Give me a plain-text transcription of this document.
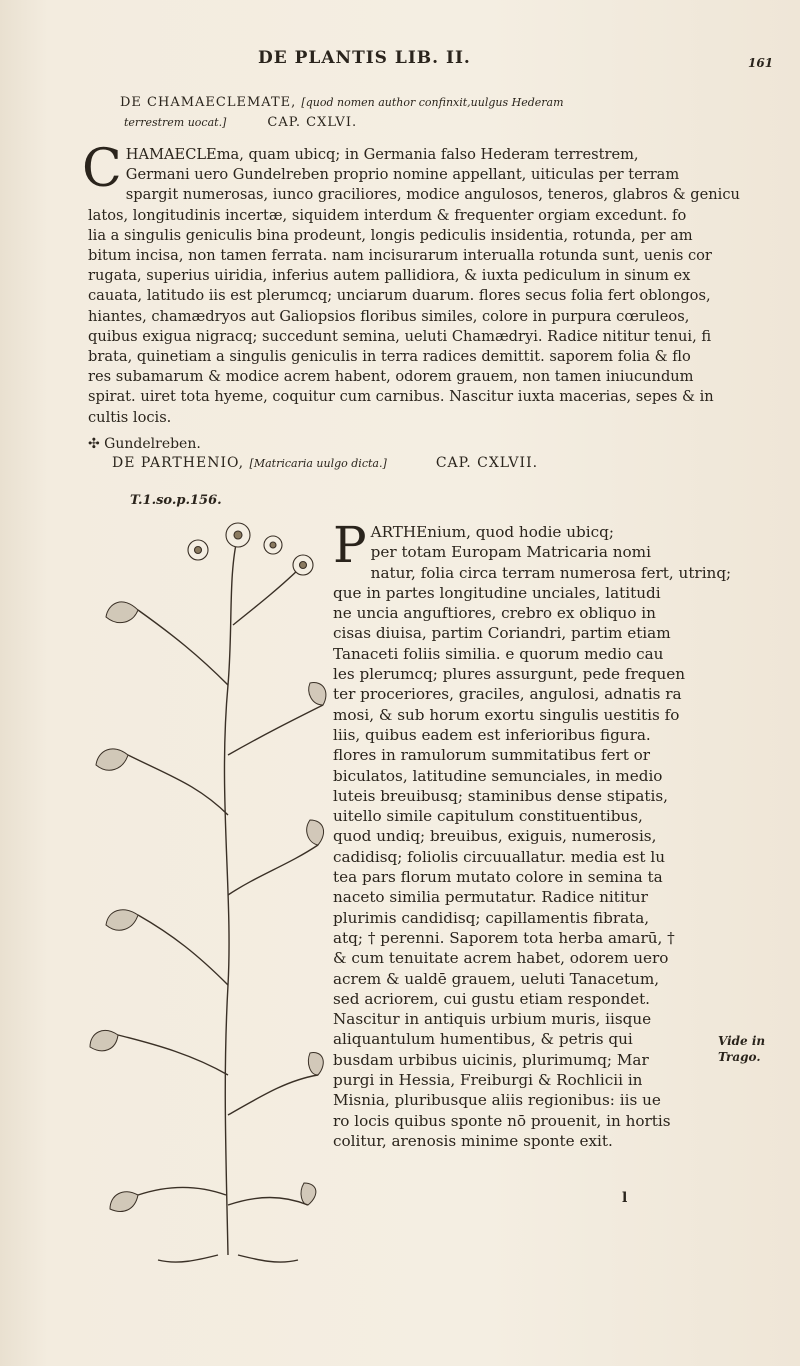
DE PLANTIS LIB. II.	161
DE CHAMAECLEMATE, [quod nomen author confinxit,uulgus Hederam
terrestrem uocat.]	CAP. CXLVI.
C HAMAECLEma, quam ubicq; in Germania falso Hederam terrestrem,
Germani uero Gundelreben proprio nomine appellant, uiticulas per terram
spargit numerosas, iunco graciliores, modice angulosos, teneros, glabros & genicu
latos, longitudinis incertæ, siquidem interdum & frequenter orgiam excedunt. fo
lia a singulis geniculis bina prodeunt, longis pediculis insidentia, rotunda, per am
bitum incisa, non tamen ferrata. nam incisurarum interualla rotunda sunt, uenis cor
rugata, superius uiridia, inferius autem pallidiora, & iuxta pediculum in sinum ex
cauata, latitudo iis est plerumcq; unciarum duarum. flores secus folia fert oblongos,
hiantes, chamædryos aut Galiopsios floribus similes, colore in purpura cœruleos,
quibus exigua nigracq; succedunt semina, ueluti Chamædryi. Radice nititur tenui, fi
brata, quinetiam a singulis geniculis in terra radices demittit. saporem folia & flo
res subamarum & modice acrem habent, odorem grauem, non tamen iniucundum
spirat. uiret tota hyeme, coquitur cum carnibus. Nascitur iuxta macerias, sepes & in
cultis locis.
✣ Gundelreben.
DE PARTHENIO, [Matricaria uulgo dicta.]	CAP. CXLVII.
T.1.so.p.156.
P ARTHEnium, quod hodie ubicq;
per totam Europam Matricaria nomi
natur, folia circa terram numerosa fert, utrinq;
que in partes longitudine unciales, latitudi
ne uncia anguftiores, crebro ex obliquo in
cisas diuisa, partim Coriandri, partim etiam
Tanaceti foliis similia. e quorum medio cau
les plerumcq; plures assurgunt, pede frequen
ter proceriores, graciles, angulosi, adnatis ra
mosi, & sub horum exortu singulis uestitis fo
liis, quibus eadem est inferioribus figura.
flores in ramulorum summitatibus fert or
biculatos, latitudine semunciales, in medio
luteis breuibusq; staminibus dense stipatis,
uitello simile capitulum constituentibus,
quod undiq; breuibus, exiguis, numerosis,
cadidisq; foliolis circuuallatur. media est lu
tea pars florum mutato colore in semina ta
naceto similia permutatur. Radice nititur
plurimis candidisq; capillamentis fibrata,
atq; † perenni. Saporem tota herba amarū, †
& cum tenuitate acrem habet, odorem uero
acrem & ualdē grauem, ueluti Tanacetum,
sed acriorem, cui gustu etiam respondet.
Nascitur in antiquis urbium muris, iisque
aliquantulum humentibus, & petris qui
busdam urbibus uicinis, plurimumq; Mar
purgi in Hessia, Freiburgi & Rochlicii in
Misnia, pluribusque aliis regionibus: iis ue
ro locis quibus sponte nō prouenit, in hortis
colitur, arenosis minime sponte exit.
Vide in
Trago.
l
